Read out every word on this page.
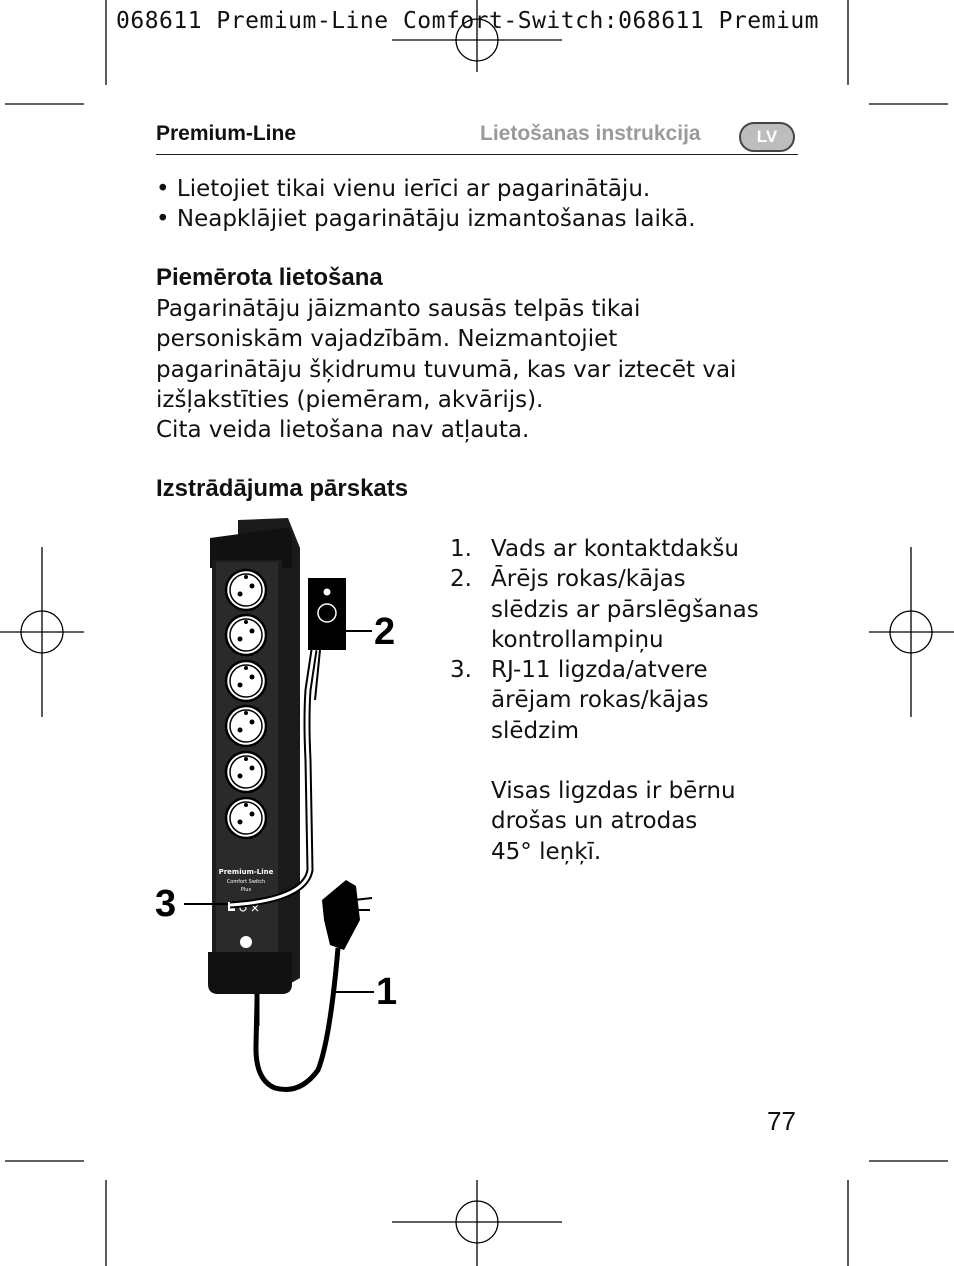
068611 Premium-Line Comfort-Switch:068611 Premium
Premium-Line	Lietošanas instrukcija	LV
• Lietojiet tikai vienu ierīci ar pagarinātāju.
• Neapklājiet pagarinātāju izmantošanas laikā.
Piemērota lietošana
Pagarinātāju jāizmanto sausās telpās tikai
personiskām vajadzībām. Neizmantojiet
pagarinātāju šķidrumu tuvumā, kas var iztecēt vai
izšļakstīties (piemēram, akvārijs).
Cita veida lietošana nav atļauta.
Izstrādājuma pārskats
Premium-Line
Comfort Switch
Plus
2
3
1
1. Vads ar kontaktdakšu
2. Ārējs rokas/kājas
slēdzis ar pārslēgšanas
kontrollampiņu
3. RJ-11 ligzda/atvere
ārējam rokas/kājas
slēdzim
Visas ligzdas ir bērnu
drošas un atrodas
45° leņķī.
77
